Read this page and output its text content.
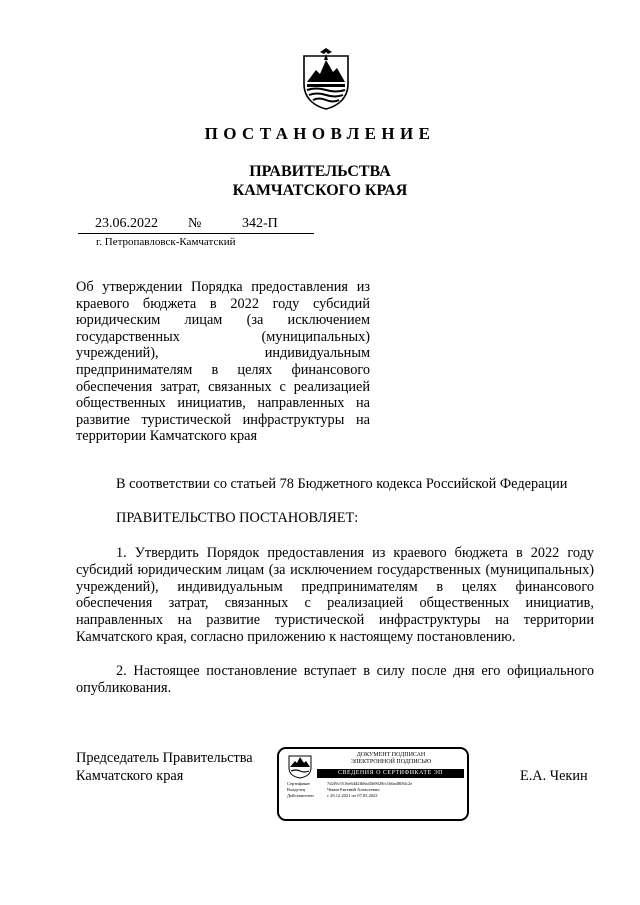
ПОСТАНОВЛЕНИЕ
ПРАВИТЕЛЬСТВА
КАМЧАТСКОГО КРАЯ
23.06.2022 №	342-П
г. Петропавловск-Камчатский
Об утверждении Порядка предоставления из краевого бюджета в 2022 году субсидий юридическим лицам (за исключением государственных (муниципальных) учреждений), индивидуальным предпринимателям в целях финансового обеспечения затрат, связанных с реализацией общественных инициатив, направленных на развитие туристической инфраструктуры на территории Камчатского края
В соответствии со статьей 78 Бюджетного кодекса Российской Федерации
ПРАВИТЕЛЬСТВО ПОСТАНОВЛЯЕТ:
1. Утвердить Порядок предоставления из краевого бюджета в 2022 году субсидий юридическим лицам (за исключением государственных (муниципальных) учреждений), индивидуальным предпринимателям в целях финансового обеспечения затрат, связанных с реализацией общественных инициатив, направленных на развитие туристической инфраструктуры на территории Камчатского края, согласно приложению к настоящему постановлению.
2. Настоящее постановление вступает в силу после дня его официального опубликования.
Председатель Правительства
Камчатского края
ДОКУМЕНТ ПОДПИСАН
ЭЛЕКТРОННОЙ ПОДПИСЬЮ
СВЕДЕНИЯ О СЕРТИФИКАТЕ ЭП
Сертификат	7d2f9c5516e64d2fb8a45b9029fc1b6ad8f84c2e
Владелец	Чекин Евгений Алексеевич
Действителен	с 28.12.2021 по 07.03.2023
Е.А. Чекин
